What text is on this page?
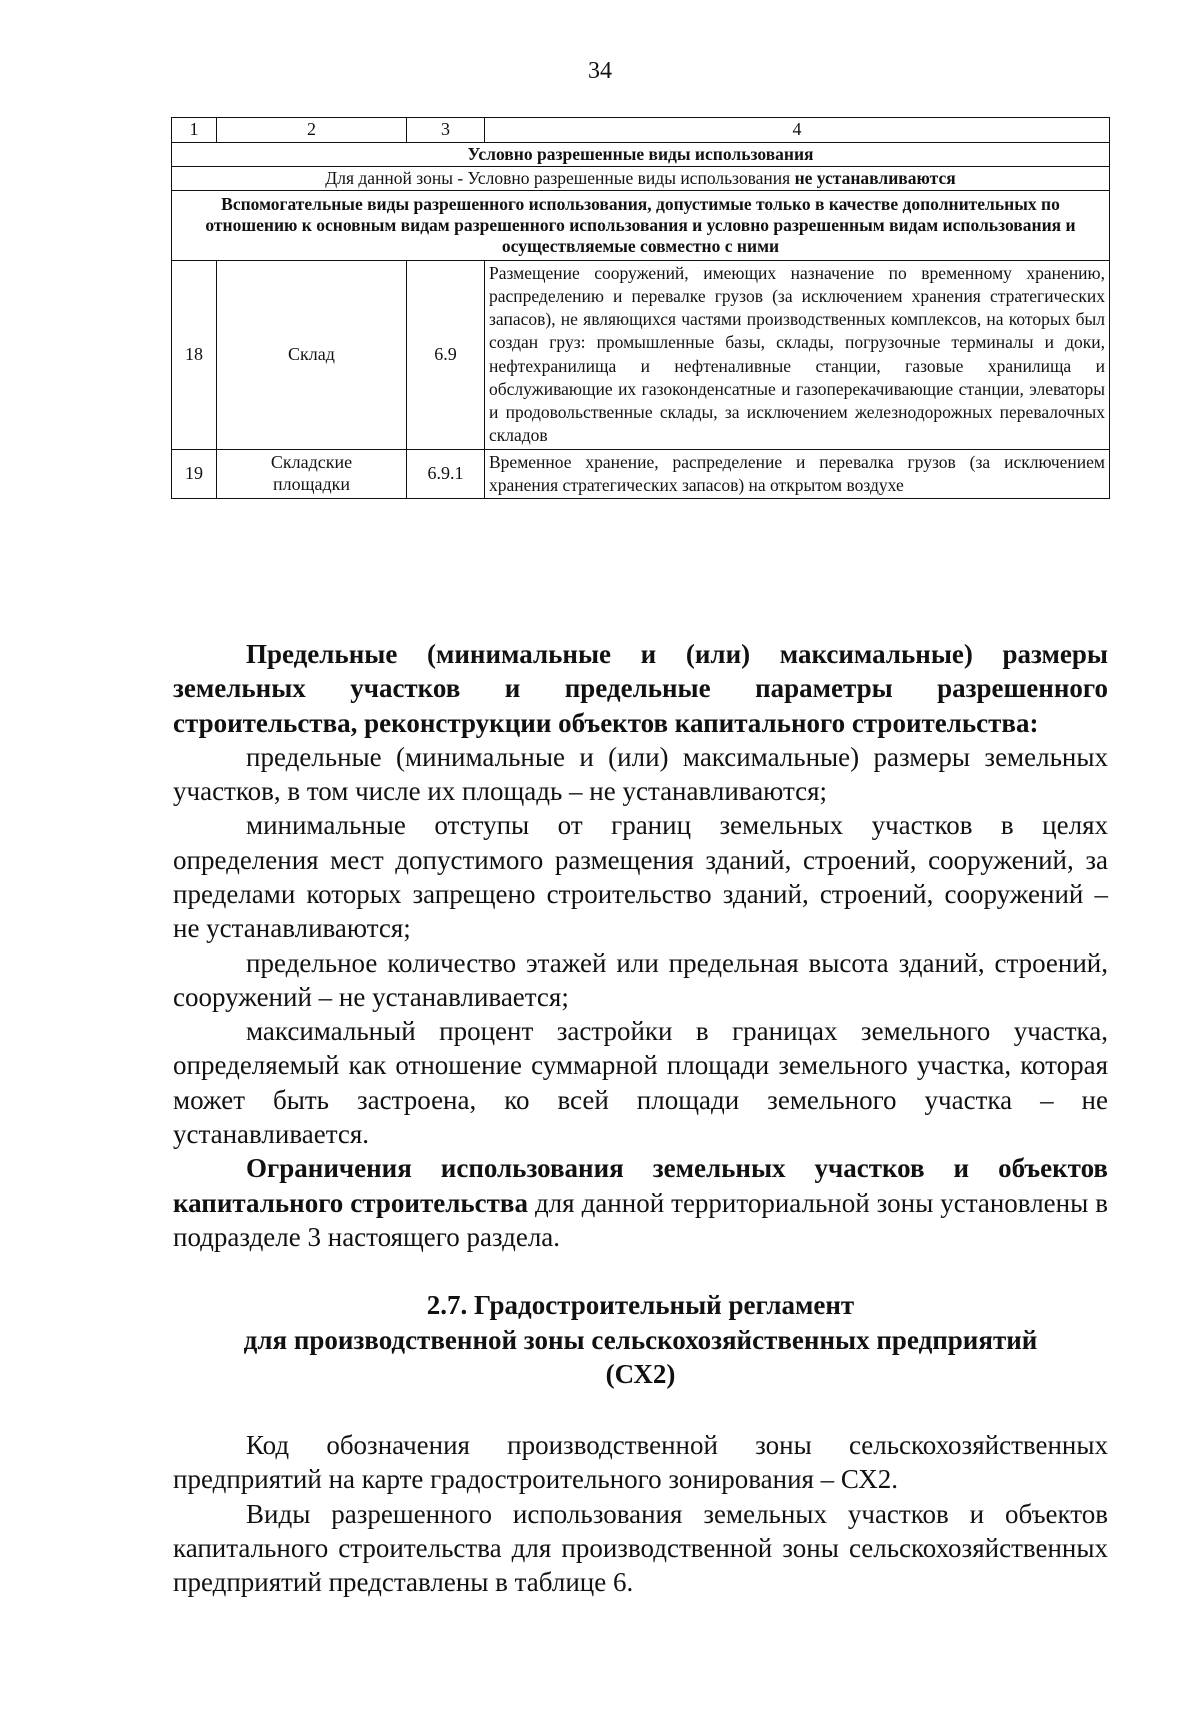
34
1	2	3	4
Условно разрешенные виды использования			
Для данной зоны - Условно разрешенные виды использования не устанавливаются			
Вспомогательные виды разрешенного использования, допустимые только в качестве дополнительных по отношению к основным видам разрешенного использования и условно разрешенным видам использования и осуществляемые совместно с ними			
18	Склад	6.9	Размещение сооружений, имеющих назначение по временному хранению, распределению и перевалке грузов (за исключением хранения стратегических запасов), не являющихся частями производственных комплексов, на которых был создан груз: промышленные базы, склады, погрузочные терминалы и доки, нефтехранилища и нефтеналивные станции, газовые хранилища и обслуживающие их газоконденсатные и газоперекачивающие станции, элеваторы и продовольственные склады, за исключением железнодорожных перевалочных складов
19	Складские площадки	6.9.1	Временное хранение, распределение и перевалка грузов (за исключением хранения стратегических запасов) на открытом воздухе

Предельные (минимальные и (или) максимальные) размеры земельных участков и предельные параметры разрешенного строительства, реконструкции объектов капитального строительства:

предельные (минимальные и (или) максимальные) размеры земельных участков, в том числе их площадь – не устанавливаются;

минимальные отступы от границ земельных участков в целях определения мест допустимого размещения зданий, строений, сооружений, за пределами которых запрещено строительство зданий, строений, сооружений – не устанавливаются;

предельное количество этажей или предельная высота зданий, строений, сооружений – не устанавливается;

максимальный процент застройки в границах земельного участка, определяемый как отношение суммарной площади земельного участка, которая может быть застроена, ко всей площади земельного участка – не устанавливается.

Ограничения использования земельных участков и объектов капитального строительства для данной территориальной зоны установлены в подразделе 3 настоящего раздела.

2.7. Градостроительный регламент
для производственной зоны сельскохозяйственных предприятий
(СХ2)

Код обозначения производственной зоны сельскохозяйственных предприятий на карте градостроительного зонирования – СХ2.

Виды разрешенного использования земельных участков и объектов капитального строительства для производственной зоны сельскохозяйственных предприятий представлены в таблице 6.
